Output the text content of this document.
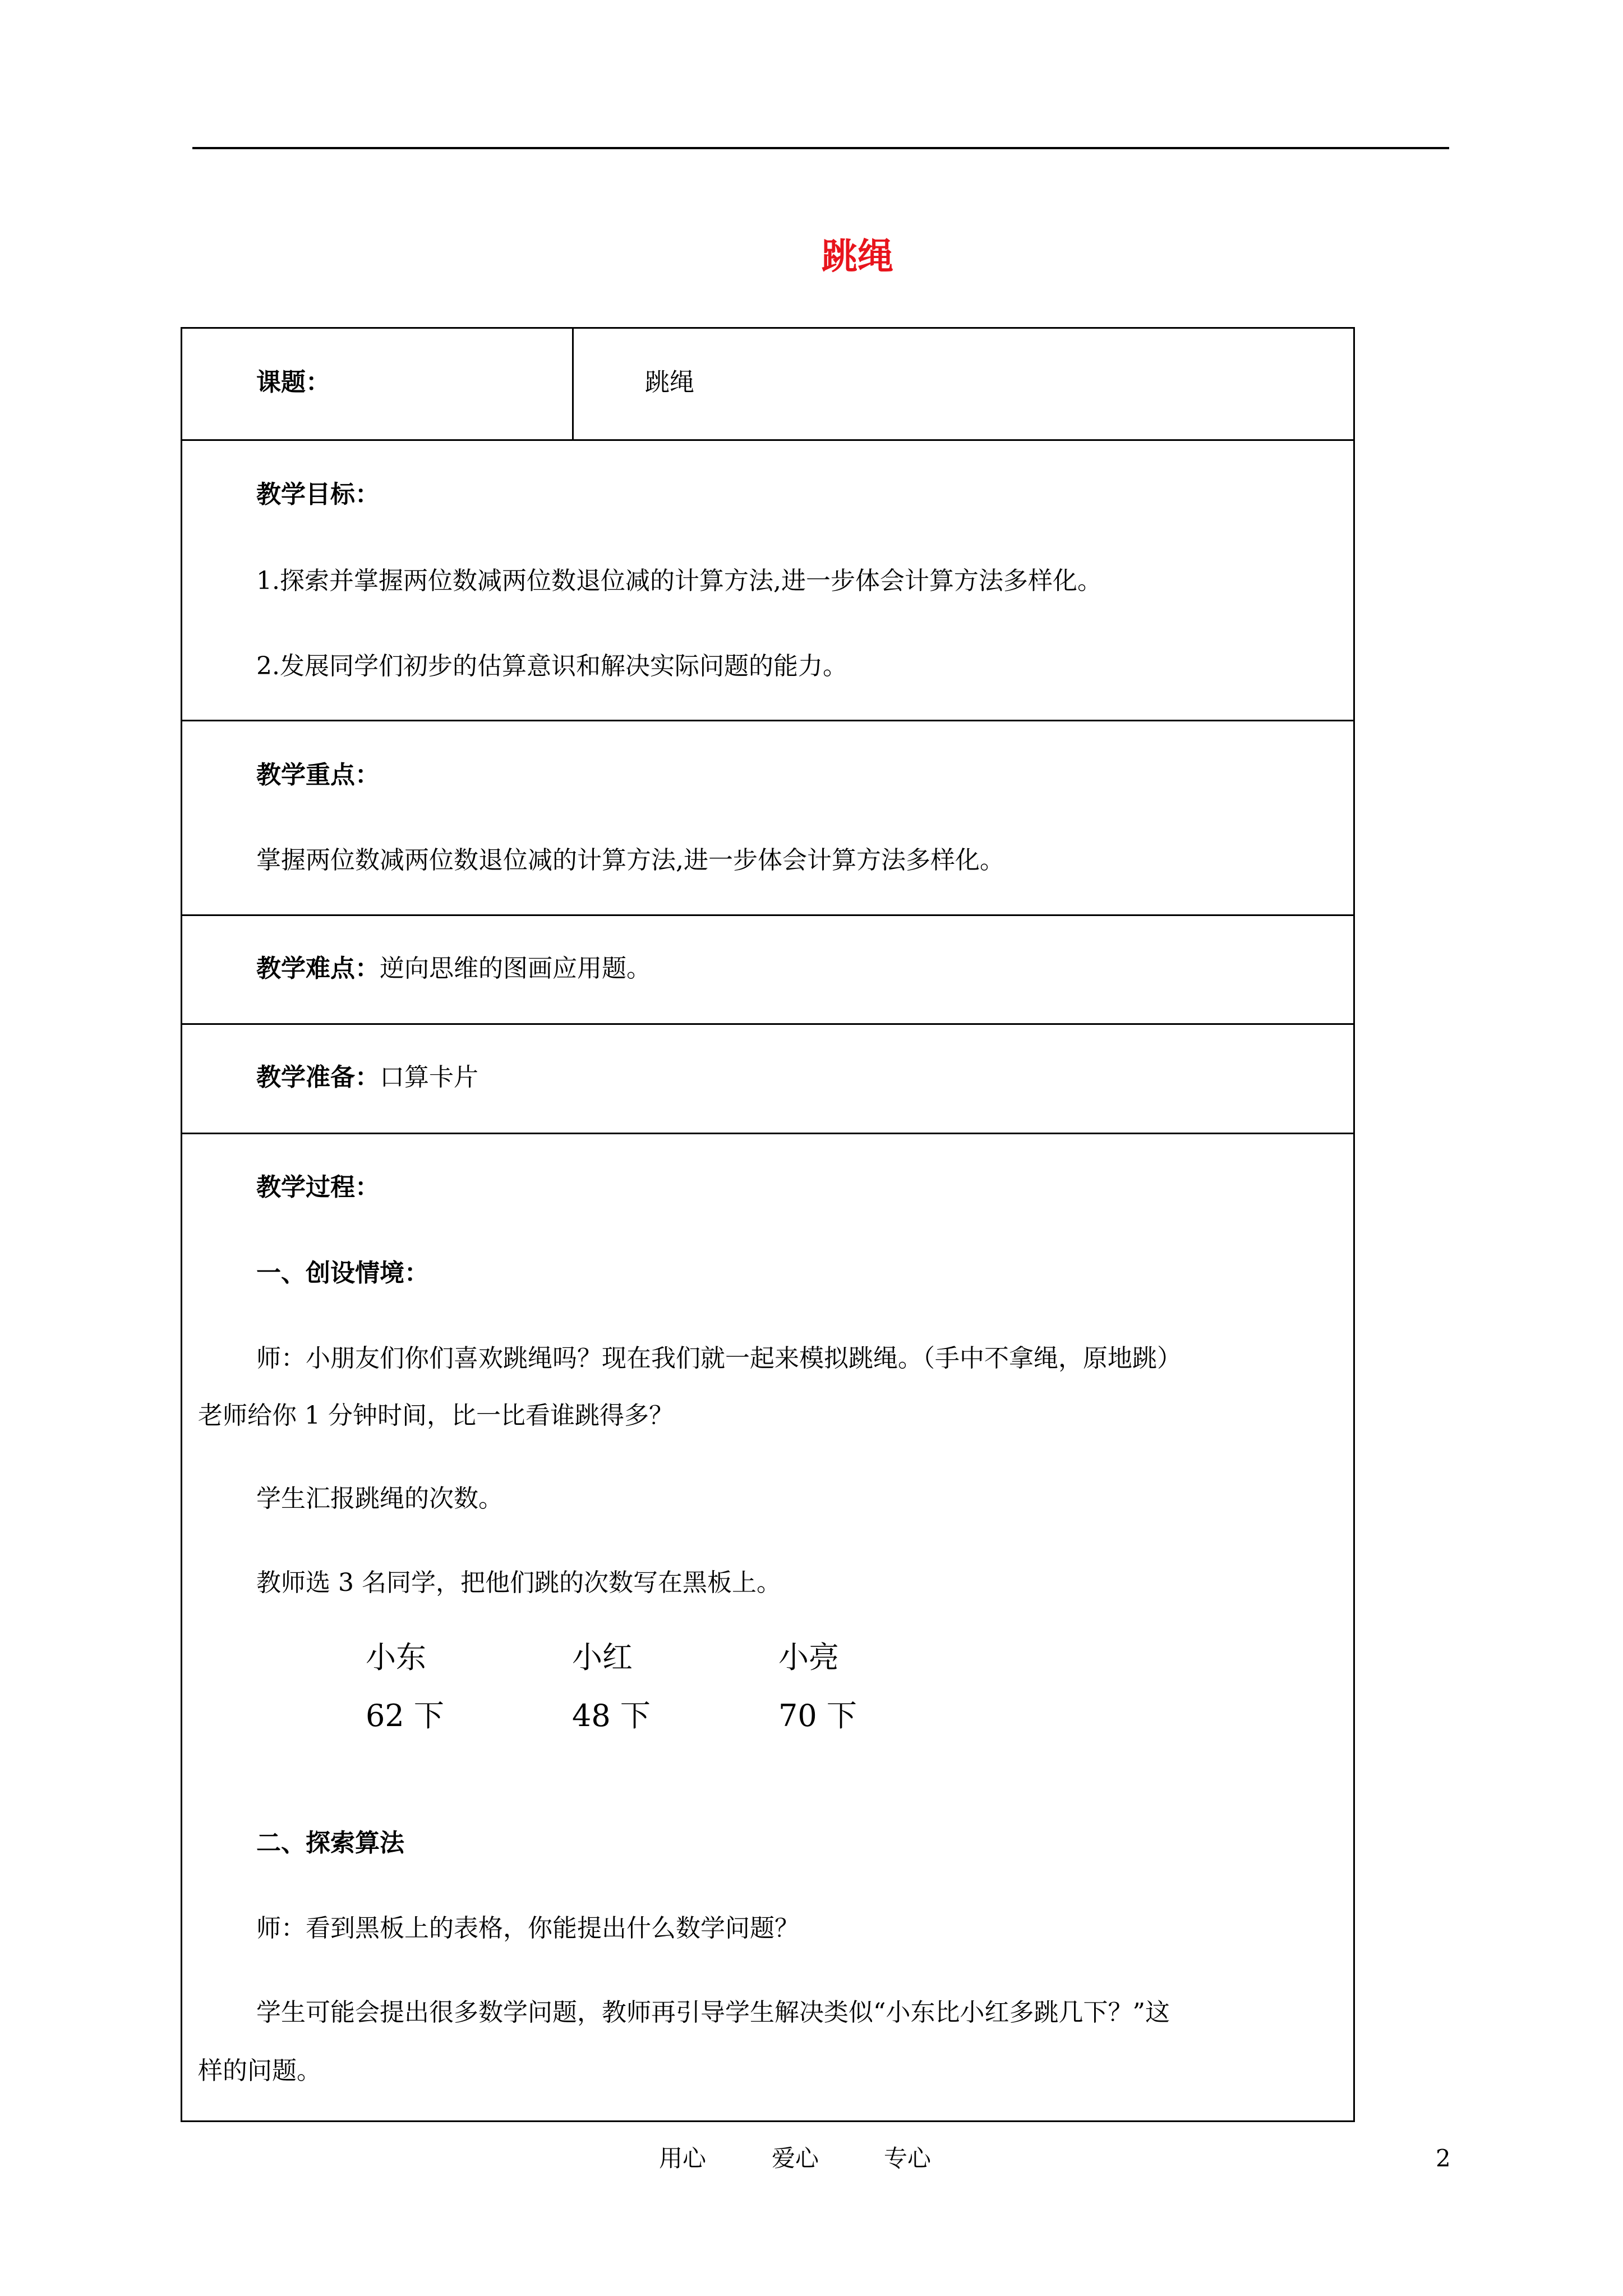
跳绳
课题：	跳绳
教学目标：
1.探索并掌握两位数减两位数退位减的计算方法,进一步体会计算方法多样化。
2.发展同学们初步的估算意识和解决实际问题的能力。
教学重点：
掌握两位数减两位数退位减的计算方法,进一步体会计算方法多样化。
教学难点：逆向思维的图画应用题。
教学准备：口算卡片
教学过程：
一、创设情境：
师：小朋友们你们喜欢跳绳吗？现在我们就一起来模拟跳绳。（手中不拿绳，原地跳）
老师给你 1 分钟时间，比一比看谁跳得多？
学生汇报跳绳的次数。
教师选 3 名同学，把他们跳的次数写在黑板上。
小东	小红	小亮
62 下	48 下	70 下
二、探索算法
师：看到黑板上的表格，你能提出什么数学问题？
学生可能会提出很多数学问题，教师再引导学生解决类似“小东比小红多跳几下？”这
样的问题。
用心	爱心	专心	2
